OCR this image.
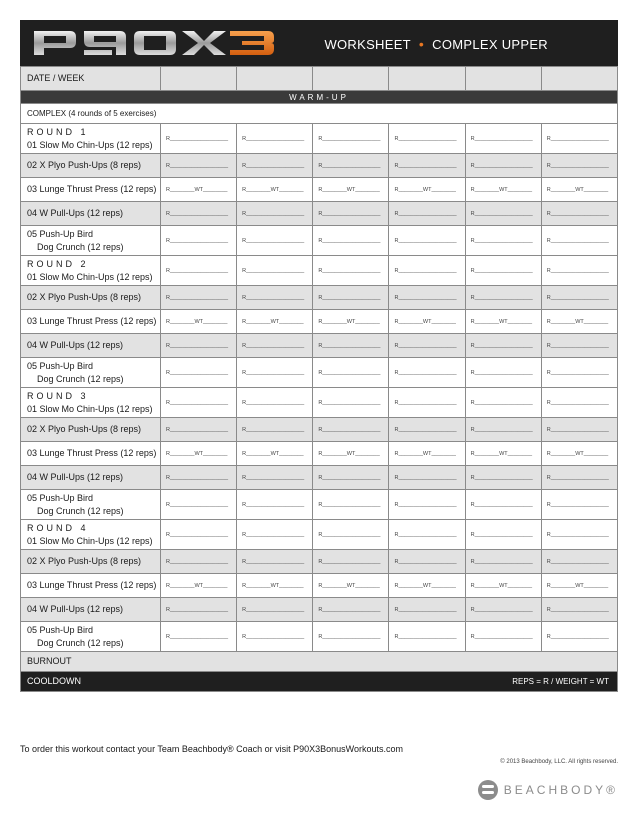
WORKSHEET • COMPLEX UPPER
DATE / WEEK						
WARM-UP						
COMPLEX (4 rounds of 5 exercises)						

ROUND 1
01 Slow Mo Chin-Ups (12 reps)	R___________________	R___________________	R___________________	R___________________	R___________________	R___________________

02 X Plyo Push-Ups (8 reps)	R___________________	R___________________	R___________________	R___________________	R___________________	R___________________

03 Lunge Thrust Press (12 reps)	R________WT________	R________WT________	R________WT________	R________WT________	R________WT________	R________WT________

04 W Pull-Ups (12 reps)	R___________________	R___________________	R___________________	R___________________	R___________________	R___________________

05 Push-Up Bird
Dog Crunch (12 reps)	R___________________	R___________________	R___________________	R___________________	R___________________	R___________________

ROUND 2
01 Slow Mo Chin-Ups (12 reps)	R___________________	R___________________	R___________________	R___________________	R___________________	R___________________

02 X Plyo Push-Ups (8 reps)	R___________________	R___________________	R___________________	R___________________	R___________________	R___________________

03 Lunge Thrust Press (12 reps)	R________WT________	R________WT________	R________WT________	R________WT________	R________WT________	R________WT________

04 W Pull-Ups (12 reps)	R___________________	R___________________	R___________________	R___________________	R___________________	R___________________

05 Push-Up Bird
Dog Crunch (12 reps)	R___________________	R___________________	R___________________	R___________________	R___________________	R___________________

ROUND 3
01 Slow Mo Chin-Ups (12 reps)	R___________________	R___________________	R___________________	R___________________	R___________________	R___________________

02 X Plyo Push-Ups (8 reps)	R___________________	R___________________	R___________________	R___________________	R___________________	R___________________

03 Lunge Thrust Press (12 reps)	R________WT________	R________WT________	R________WT________	R________WT________	R________WT________	R________WT________

04 W Pull-Ups (12 reps)	R___________________	R___________________	R___________________	R___________________	R___________________	R___________________

05 Push-Up Bird
Dog Crunch (12 reps)	R___________________	R___________________	R___________________	R___________________	R___________________	R___________________

ROUND 4
01 Slow Mo Chin-Ups (12 reps)	R___________________	R___________________	R___________________	R___________________	R___________________	R___________________

02 X Plyo Push-Ups (8 reps)	R___________________	R___________________	R___________________	R___________________	R___________________	R___________________

03 Lunge Thrust Press (12 reps)	R________WT________	R________WT________	R________WT________	R________WT________	R________WT________	R________WT________

04 W Pull-Ups (12 reps)	R___________________	R___________________	R___________________	R___________________	R___________________	R___________________

05 Push-Up Bird
Dog Crunch (12 reps)	R___________________	R___________________	R___________________	R___________________	R___________________	R___________________
BURNOUT						

REPS = R / WEIGHT = WT
COOLDOWN						
To order this workout contact your Team Beachbody® Coach or visit P90X3BonusWorkouts.com
© 2013 Beachbody, LLC. All rights reserved.
BEACHBODY®
